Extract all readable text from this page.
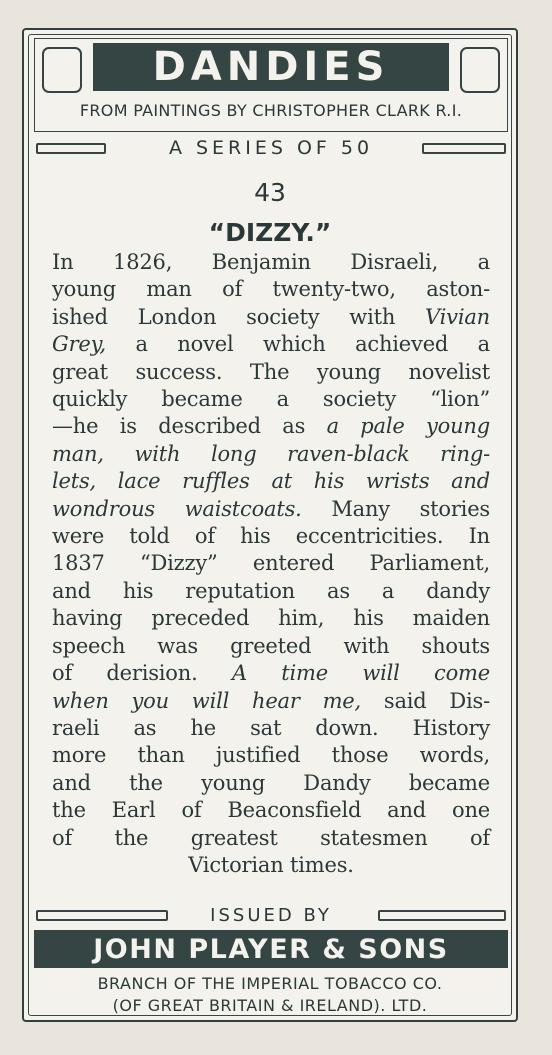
DANDIES
FROM PAINTINGS BY CHRISTOPHER CLARK R.I.
A SERIES OF 50
43
“DIZZY.”
In 1826, Benjamin Disraeli, a
young man of twenty-two, aston-
ished London society with Vivian
Grey, a novel which achieved a
great success. The young novelist
quickly became a society “lion”
—he is described as a pale young
man, with long raven-black ring-
lets, lace ruffles at his wrists and
wondrous waistcoats. Many stories
were told of his eccentricities. In
1837 “Dizzy” entered Parliament,
and his reputation as a dandy
having preceded him, his maiden
speech was greeted with shouts
of derision. A time will come
when you will hear me, said Dis-
raeli as he sat down. History
more than justified those words,
and the young Dandy became
the Earl of Beaconsfield and one
of the greatest statesmen of
Victorian times.
ISSUED BY
JOHN PLAYER & SONS
BRANCH OF THE IMPERIAL TOBACCO CO.
(OF GREAT BRITAIN & IRELAND). LTD.
